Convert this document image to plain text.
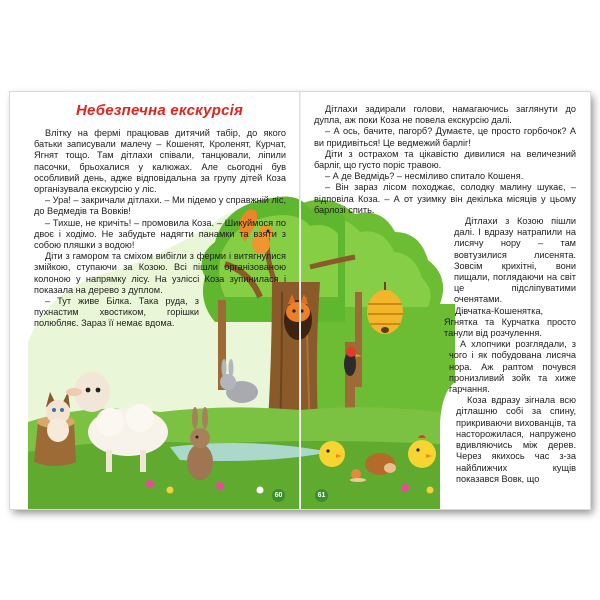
Небезпечна екскурсія

Влітку на фермі працював дитячий табір, до якого батьки записували малечу – Кошенят, Кроленят, Курчат, Ягнят тощо. Там дітлахи співали, танцювали, ліпили пасочки, брьохалися у калюжах. Але сьогодні був особливий день, адже відповідальна за групу дітей Коза організувала екскурсію у ліс.

– Ура! – закричали дітлахи. – Ми підемо у справжній ліс, до Ведмедів та Вовків!

– Тихше, не кричіть! – промовила Коза. – Шикуймося по двоє і ходімо. Не забудьте надягти панамки та взяти з собою пляшки з водою!

Діти з гамором та сміхом вибігли з ферми і витягнулися змійкою, ступаючи за Козою. Всі пішли організованою колоною у напрямку лісу. На узліссі Коза зупинилася і показала на дерево з дуплом.

– Тут живе Білка. Така руда, з пухнастим хвостиком, горішки полюбляє. Зараз її немає вдома.

Дітлахи задирали голови, намагаючись заглянути до дупла, аж поки Коза не повела екскурсію далі.

– А ось, бачите, пагорб? Думаєте, це просто горбочок? А ви придивіться! Це ведмежий барліг!

Діти з острахом та цікавістю дивилися на величезний барліг, що густо поріс травою.

– А де Ведмідь? – несміливо спитало Кошеня.

– Він зараз лісом походжає, солодку малину шукає, – відповіла Коза. – А от узимку він декілька місяців у цьому барлозі спить.

Дітлахи з Козою пішли далі. І вдразу натрапили на лисячу нору – там вовтузилися лисенята. Зовсім крихітні, вони пищали, поглядаючи на світ це підсліпуватими оченятами.

Дівчатка-Кошенятка, Ягнятка та Курчатка просто танули від розчулення.

А хлопчики розглядали, з чого і як побудована лисяча нора. Аж раптом почувся пронизливий зойк та хиже гарчання.

Коза вдразу зігнала всю дітлашню собі за спину, прикриваючи вихованців, та насторожилася, напружено вдивляючись між дерев. Через якихось час з-за найближчих кущів показався Вовк, що

60	61
